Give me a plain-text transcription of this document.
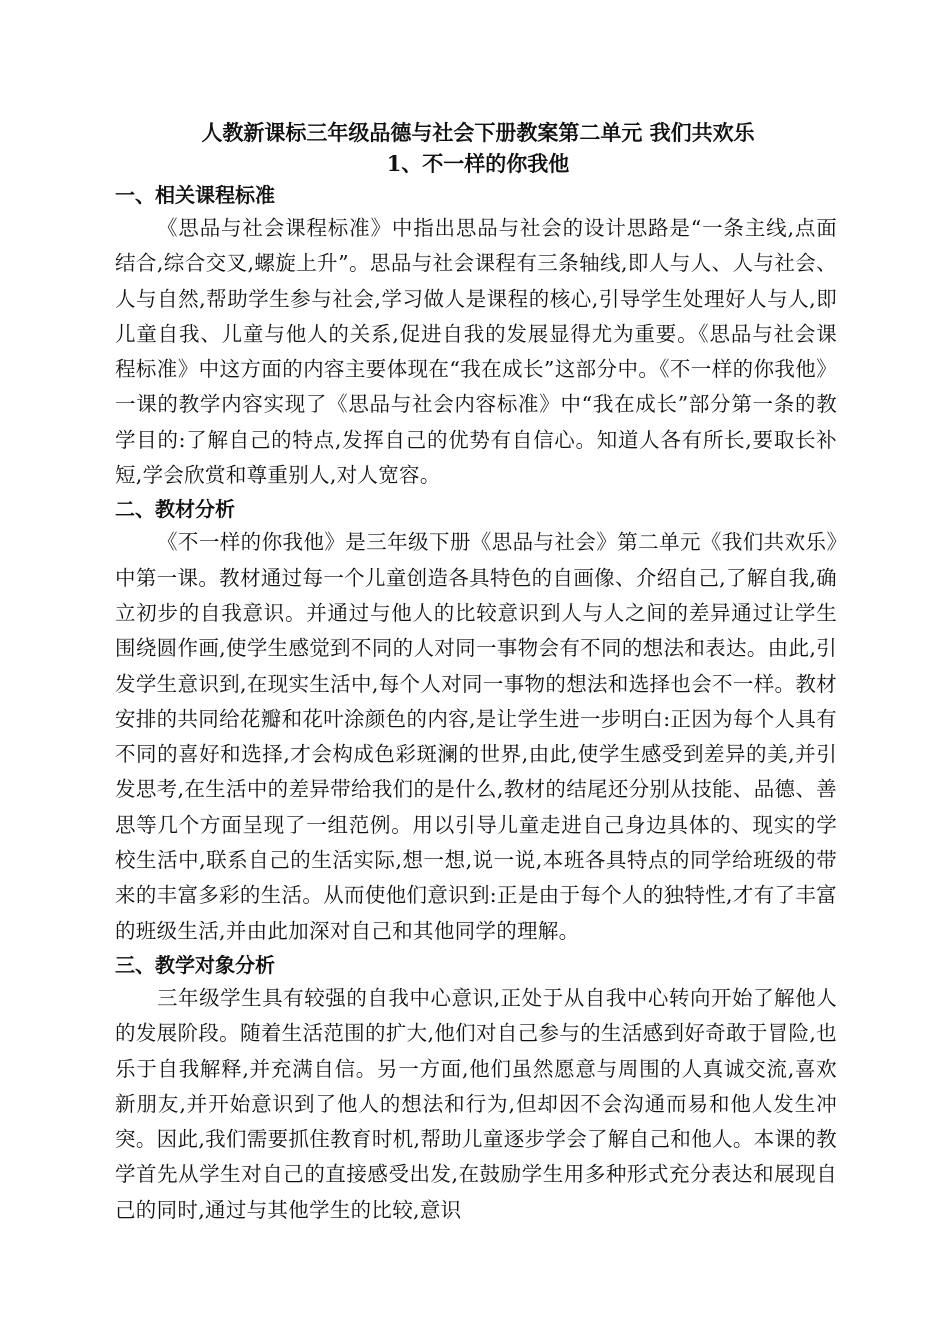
人教新课标三年级品德与社会下册教案第二单元 我们共欢乐

1、不一样的你我他

一、相关课程标准

《思品与社会课程标准》中指出思品与社会的设计思路是“一条主线,点面结合,综合交叉,螺旋上升”。思品与社会课程有三条轴线,即人与人、人与社会、人与自然,帮助学生参与社会,学习做人是课程的核心,引导学生处理好人与人,即儿童自我、儿童与他人的关系,促进自我的发展显得尤为重要。《思品与社会课程标准》中这方面的内容主要体现在“我在成长”这部分中。《不一样的你我他》一课的教学内容实现了《思品与社会内容标准》中“我在成长”部分第一条的教学目的:了解自己的特点,发挥自己的优势有自信心。知道人各有所长,要取长补短,学会欣赏和尊重别人,对人宽容。

二、教材分析

《不一样的你我他》是三年级下册《思品与社会》第二单元《我们共欢乐》中第一课。教材通过每一个儿童创造各具特色的自画像、介绍自己,了解自我,确立初步的自我意识。并通过与他人的比较意识到人与人之间的差异通过让学生围绕圆作画,使学生感觉到不同的人对同一事物会有不同的想法和表达。由此,引发学生意识到,在现实生活中,每个人对同一事物的想法和选择也会不一样。教材安排的共同给花瓣和花叶涂颜色的内容,是让学生进一步明白:正因为每个人具有不同的喜好和选择,才会构成色彩斑澜的世界,由此,使学生感受到差异的美,并引发思考,在生活中的差异带给我们的是什么,教材的结尾还分别从技能、品德、善思等几个方面呈现了一组范例。用以引导儿童走进自己身边具体的、现实的学校生活中,联系自己的生活实际,想一想,说一说,本班各具特点的同学给班级的带来的丰富多彩的生活。从而使他们意识到:正是由于每个人的独特性,才有了丰富的班级生活,并由此加深对自己和其他同学的理解。

三、教学对象分析

三年级学生具有较强的自我中心意识,正处于从自我中心转向开始了解他人的发展阶段。随着生活范围的扩大,他们对自己参与的生活感到好奇敢于冒险,也乐于自我解释,并充满自信。另一方面,他们虽然愿意与周围的人真诚交流,喜欢新朋友,并开始意识到了他人的想法和行为,但却因不会沟通而易和他人发生冲突。因此,我们需要抓住教育时机,帮助儿童逐步学会了解自己和他人。本课的教学首先从学生对自己的直接感受出发,在鼓励学生用多种形式充分表达和展现自己的同时,通过与其他学生的比较,意识
